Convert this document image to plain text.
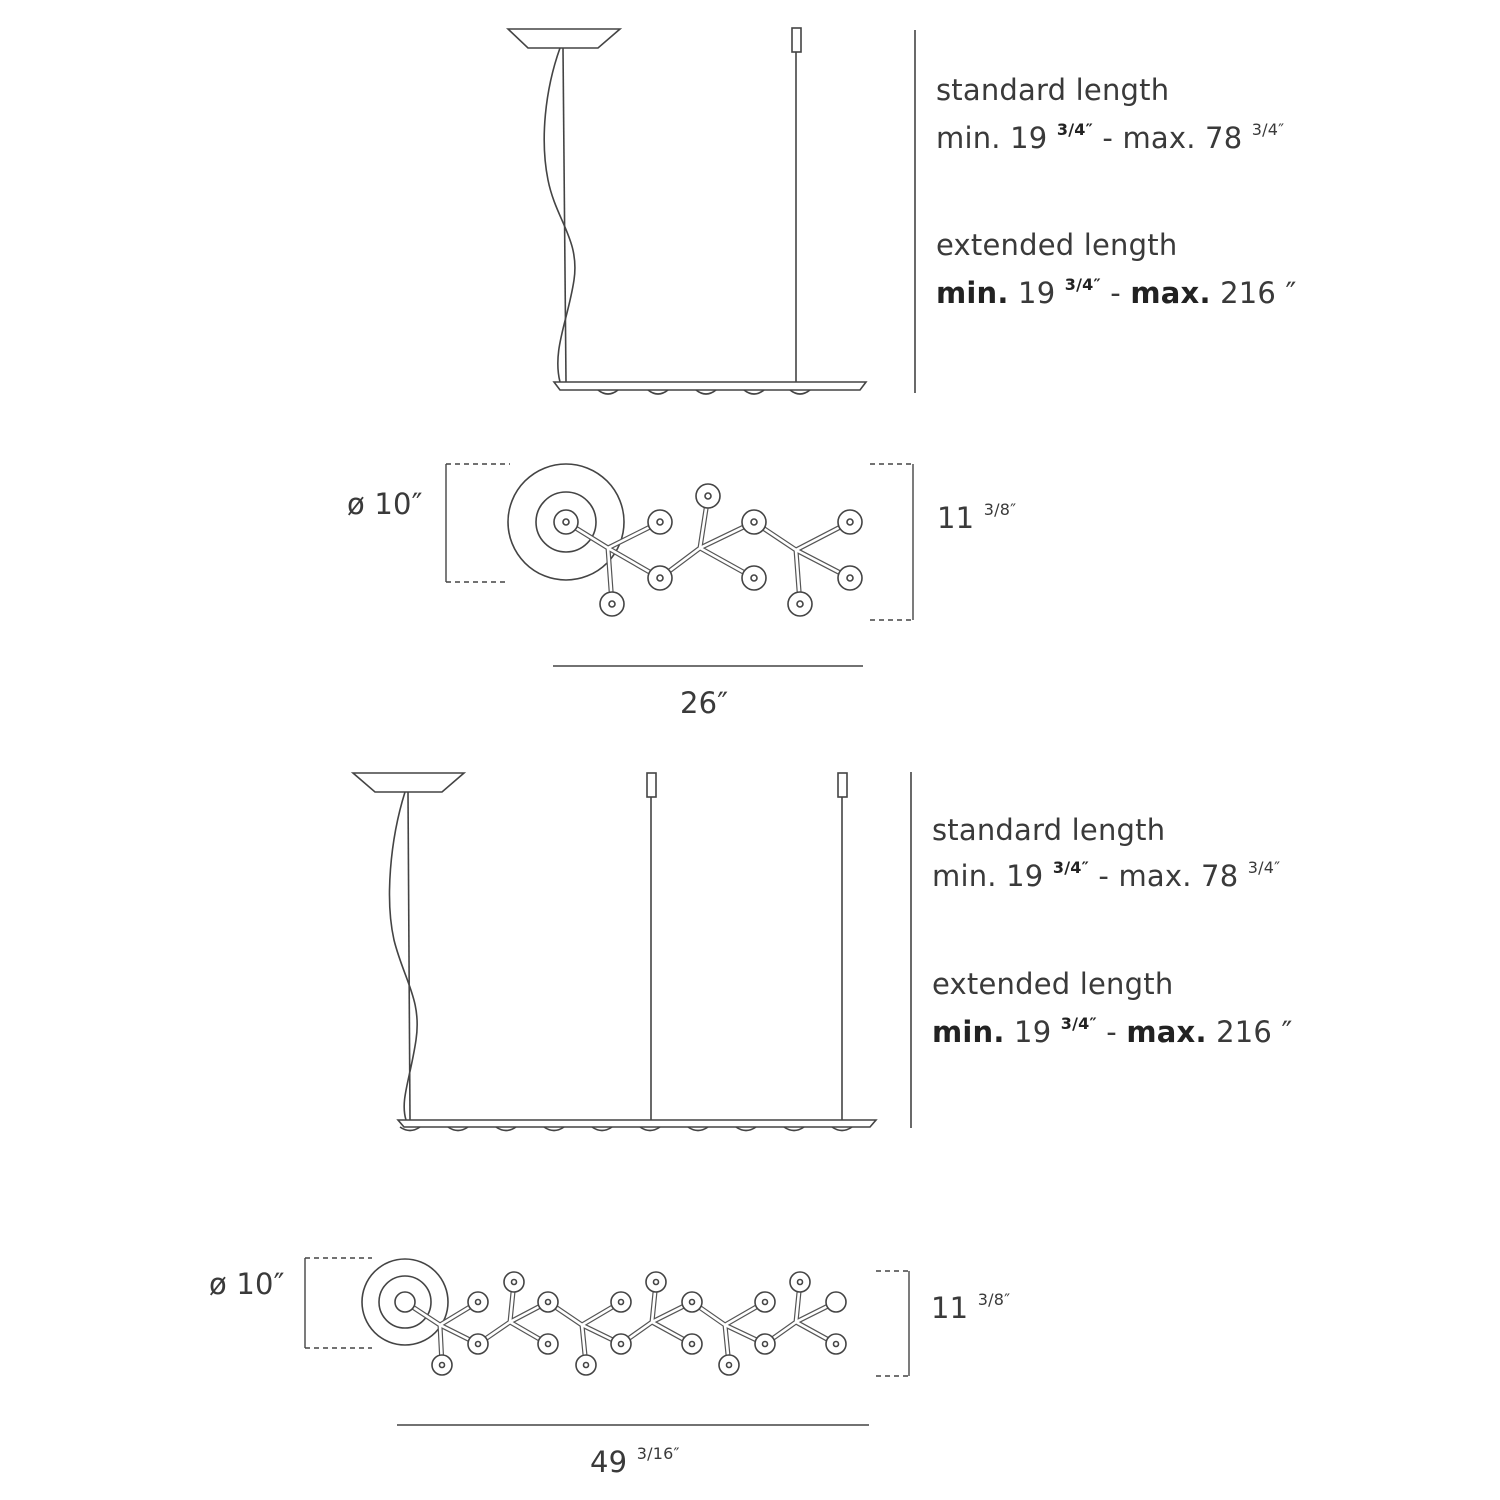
standard length
min. 19 $^{3/4''}$ - max. 78 $^{3/4''}$
extended length
min. 19 $^{3/4''}$ - max. 216 ″
ø 10″	11 $^{3/8''}$
26″
standard length
min. 19 $^{3/4''}$ - max. 78 $^{3/4''}$
extended length
min. 19 $^{3/4''}$ - max. 216 ″
ø 10″
11 $^{3/8''}$
49 $^{3/16''}$
